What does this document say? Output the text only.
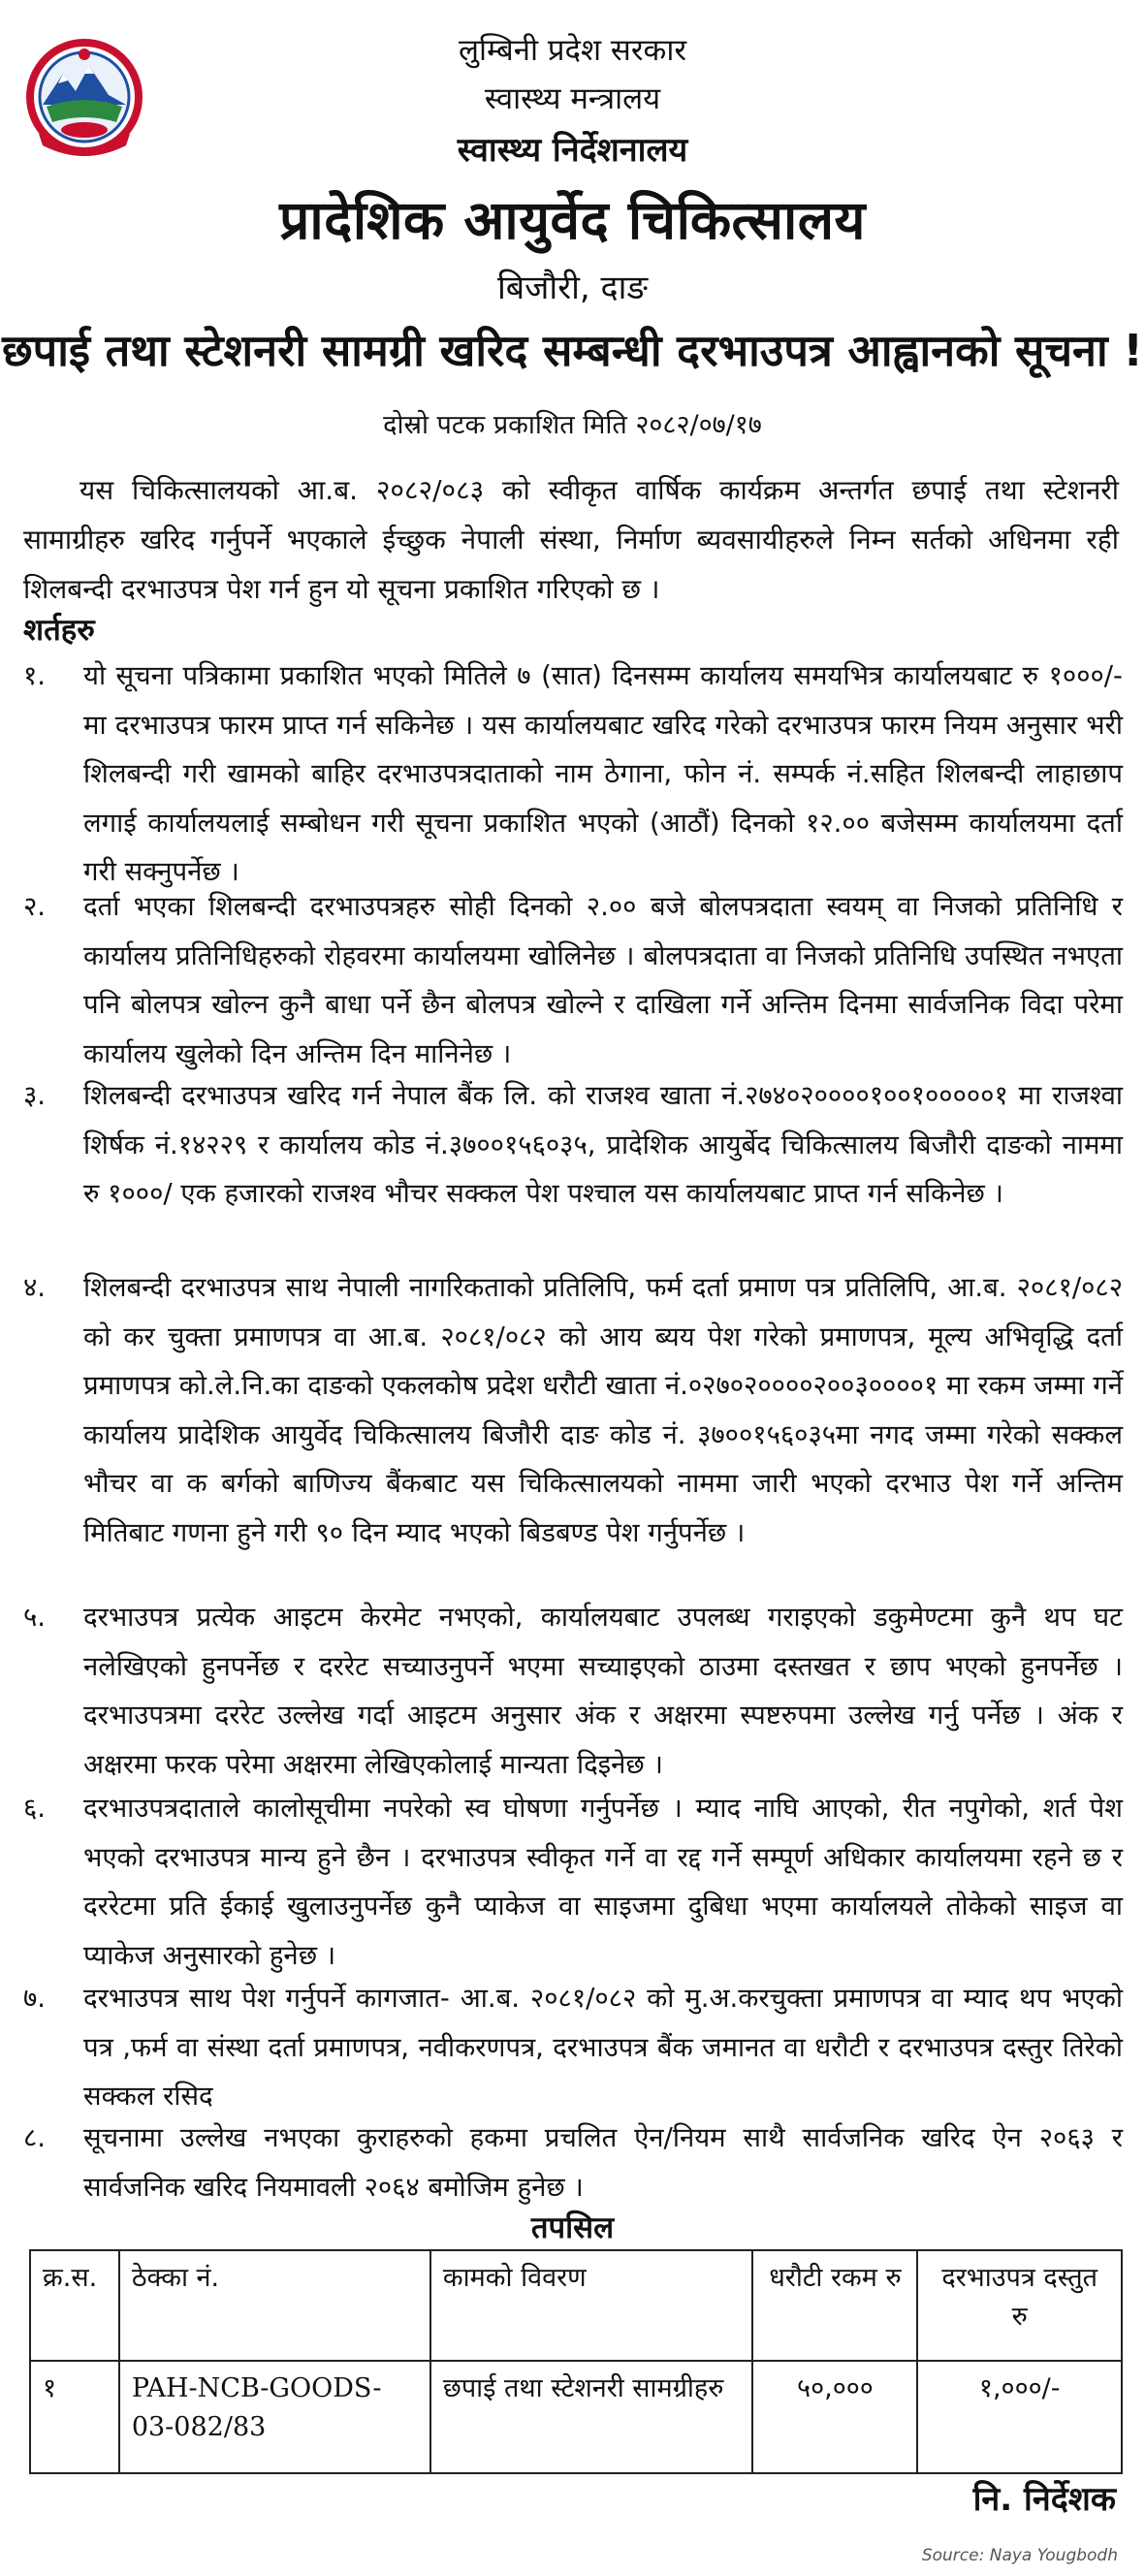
लुम्बिनी प्रदेश सरकार
स्वास्थ्य मन्त्रालय
स्वास्थ्य निर्देशनालय
प्रादेशिक आयुर्वेद चिकित्सालय
बिजौरी, दाङ
छपाई तथा स्टेशनरी सामग्री खरिद सम्बन्धी दरभाउपत्र आह्वानको सूचना !
दोस्रो पटक प्रकाशित मिति २०८२/०७/१७
यस चिकित्सालयको आ.ब. २०८२/०८३ को स्वीकृत वार्षिक कार्यक्रम अन्तर्गत छपाई तथा स्टेशनरी सामाग्रीहरु खरिद गर्नुपर्ने भएकाले ईच्छुक नेपाली संस्था, निर्माण ब्यवसायीहरुले निम्न सर्तको अधिनमा रही शिलबन्दी दरभाउपत्र पेश गर्न हुन यो सूचना प्रकाशित गरिएको छ ।
शर्तहरु
१.	यो सूचना पत्रिकामा प्रकाशित भएको मितिले ७ (सात) दिनसम्म कार्यालय समयभित्र कार्यालयबाट रु १०००/- मा दरभाउपत्र फारम प्राप्त गर्न सकिनेछ । यस कार्यालयबाट खरिद गरेको दरभाउपत्र फारम नियम अनुसार भरी शिलबन्दी गरी खामको बाहिर दरभाउपत्रदाताको नाम ठेगाना, फोन नं. सम्पर्क नं.सहित शिलबन्दी लाहाछाप लगाई कार्यालयलाई सम्बोधन गरी सूचना प्रकाशित भएको (आठौं) दिनको १२.०० बजेसम्म कार्यालयमा दर्ता गरी सक्नुपर्नेछ ।
२.	दर्ता भएका शिलबन्दी दरभाउपत्रहरु सोही दिनको २.०० बजे बोलपत्रदाता स्वयम् वा निजको प्रतिनिधि र कार्यालय प्रतिनिधिहरुको रोहवरमा कार्यालयमा खोलिनेछ । बोलपत्रदाता वा निजको प्रतिनिधि उपस्थित नभएता पनि बोलपत्र खोल्न कुनै बाधा पर्ने छैन बोलपत्र खोल्ने र दाखिला गर्ने अन्तिम दिनमा सार्वजनिक विदा परेमा कार्यालय खुलेको दिन अन्तिम दिन मानिनेछ ।
३.	शिलबन्दी दरभाउपत्र खरिद गर्न नेपाल बैंक लि. को राजश्व खाता नं.२७४०२००००१००१०००००१ मा राजश्वा शिर्षक नं.१४२२९ र कार्यालय कोड नं.३७००१५६०३५, प्रादेशिक आयुर्बेद चिकित्सालय बिजौरी दाङको नाममा रु १०००/ एक हजारको राजश्व भौचर सक्कल पेश पश्चाल यस कार्यालयबाट प्राप्त गर्न सकिनेछ ।
४.	शिलबन्दी दरभाउपत्र साथ नेपाली नागरिकताको प्रतिलिपि, फर्म दर्ता प्रमाण पत्र प्रतिलिपि, आ.ब. २०८१/०८२ को कर चुक्ता प्रमाणपत्र वा आ.ब. २०८१/०८२ को आय ब्यय पेश गरेको प्रमाणपत्र, मूल्य अभिवृद्धि दर्ता प्रमाणपत्र को.ले.नि.का दाङको एकलकोष प्रदेश धरौटी खाता नं.०२७०२००००२००३००००१ मा रकम जम्मा गर्ने कार्यालय प्रादेशिक आयुर्वेद चिकित्सालय बिजौरी दाङ कोड नं. ३७००१५६०३५मा नगद जम्मा गरेको सक्कल भौचर वा क बर्गको बाणिज्य बैंकबाट यस चिकित्सालयको नाममा जारी भएको दरभाउ पेश गर्ने अन्तिम मितिबाट गणना हुने गरी ९० दिन म्याद भएको बिडबण्ड पेश गर्नुपर्नेछ ।
५.	दरभाउपत्र प्रत्येक आइटम केरमेट नभएको, कार्यालयबाट उपलब्ध गराइएको डकुमेण्टमा कुनै थप घट नलेखिएको हुनपर्नेछ र दररेट सच्याउनुपर्ने भएमा सच्याइएको ठाउमा दस्तखत र छाप भएको हुनपर्नेछ । दरभाउपत्रमा दररेट उल्लेख गर्दा आइटम अनुसार अंक र अक्षरमा स्पष्टरुपमा उल्लेख गर्नु पर्नेछ । अंक र अक्षरमा फरक परेमा अक्षरमा लेखिएकोलाई मान्यता दिइनेछ ।
६.	दरभाउपत्रदाताले कालोसूचीमा नपरेको स्व घोषणा गर्नुपर्नेछ । म्याद नाघि आएको, रीत नपुगेको, शर्त पेश भएको दरभाउपत्र मान्य हुने छैन । दरभाउपत्र स्वीकृत गर्ने वा रद्द गर्ने सम्पूर्ण अधिकार कार्यालयमा रहने छ र दररेटमा प्रति ईकाई खुलाउनुपर्नेछ कुनै प्याकेज वा साइजमा दुबिधा भएमा कार्यालयले तोकेको साइज वा प्याकेज अनुसारको हुनेछ ।
७.	दरभाउपत्र साथ पेश गर्नुपर्ने कागजात- आ.ब. २०८१/०८२ को मु.अ.करचुक्ता प्रमाणपत्र वा म्याद थप भएको पत्र ,फर्म वा संस्था दर्ता प्रमाणपत्र, नवीकरणपत्र, दरभाउपत्र बैंक जमानत वा धरौटी र दरभाउपत्र दस्तुर तिरेको सक्कल रसिद
८.	सूचनामा उल्लेख नभएका कुराहरुको हकमा प्रचलित ऐन/नियम साथै सार्वजनिक खरिद ऐन २०६३ र सार्वजनिक खरिद नियमावली २०६४ बमोजिम हुनेछ ।
तपसिल
क्र.स.	ठेक्का नं.	कामको विवरण	धरौटी रकम रु	दरभाउपत्र दस्तुत रु
१	PAH-NCB-GOODS-03-082/83	छपाई तथा स्टेशनरी सामग्रीहरु	५०,०००	१,०००/-
नि. निर्देशक
Source: Naya Yougbodh
